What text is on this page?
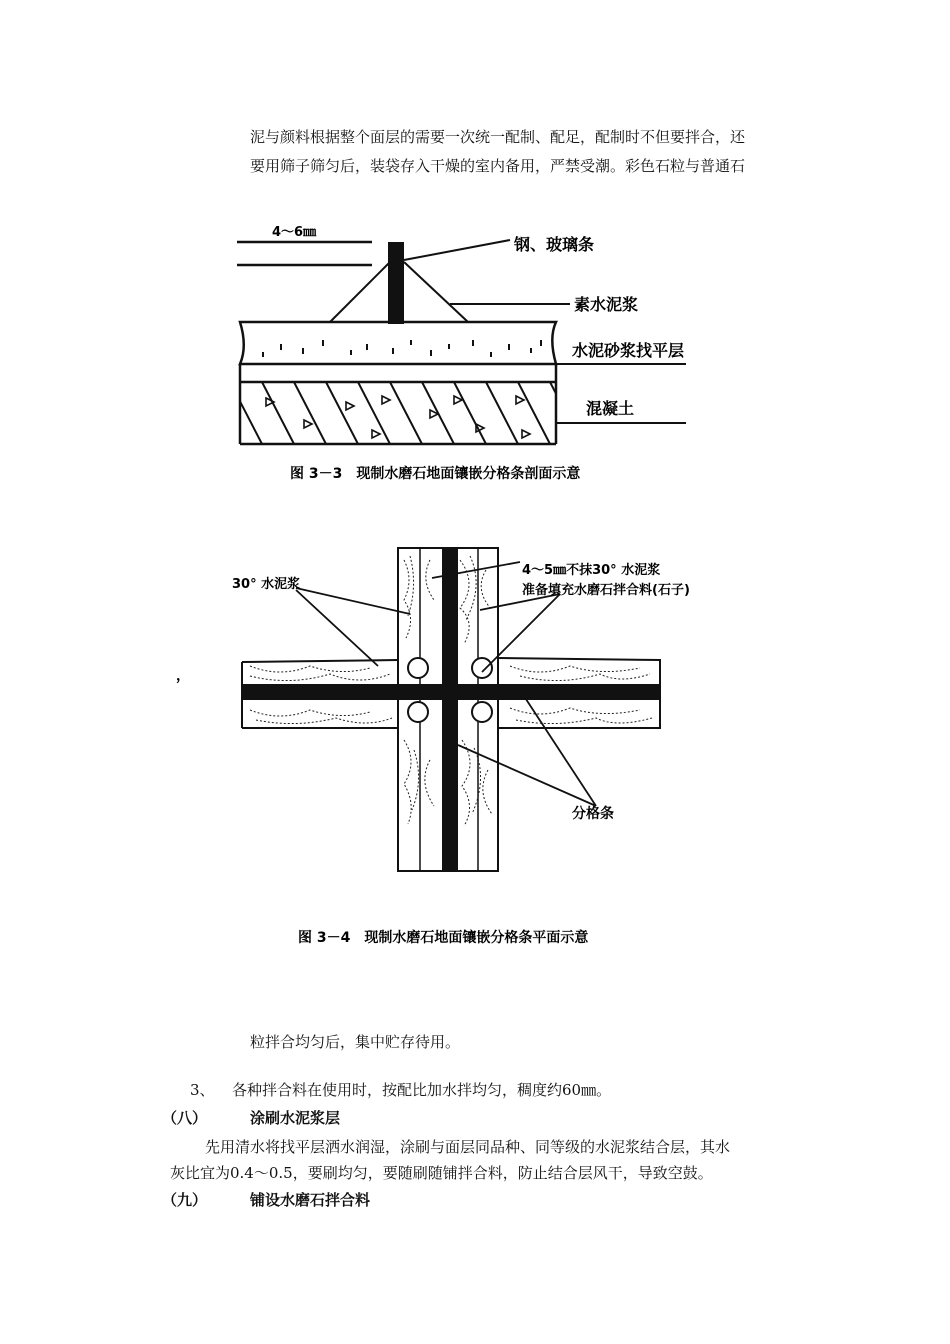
泥与颜料根据整个面层的需要一次统一配制、配足，配制时不但要拌合，还
要用筛子筛匀后，装袋存入干燥的室内备用，严禁受潮。彩色石粒与普通石
4～6㎜
钢、玻璃条
素水泥浆
水泥砂浆找平层
混凝土
图 3－3　现制水磨石地面镶嵌分格条剖面示意
30° 水泥浆
4～5㎜不抹30° 水泥浆
准备填充水磨石拌合料(石子)
分格条
，
图 3－4　现制水磨石地面镶嵌分格条平面示意
粒拌合均匀后，集中贮存待用。
3、 各种拌合料在使用时，按配比加水拌均匀，稠度约60㎜。
（八）	涂刷水泥浆层
先用清水将找平层洒水润湿，涂刷与面层同品种、同等级的水泥浆结合层，其水
灰比宜为0.4～0.5，要刷均匀，要随刷随铺拌合料，防止结合层风干，导致空鼓。
（九）	铺设水磨石拌合料
